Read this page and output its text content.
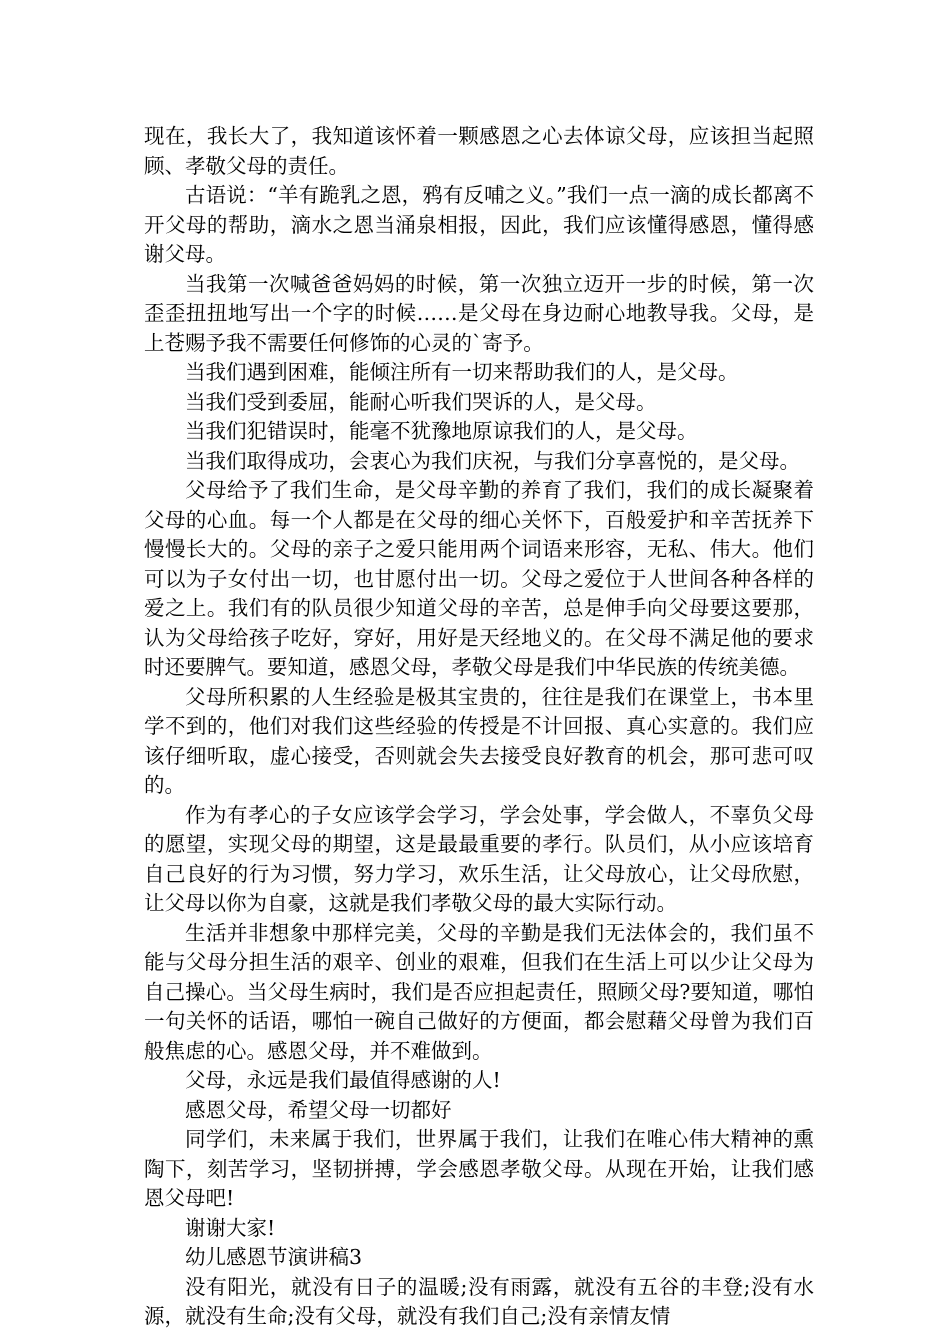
现在，我长大了，我知道该怀着一颗感恩之心去体谅父母，应该担当起照顾、孝敬父母的责任。

古语说：“羊有跪乳之恩，鸦有反哺之义。”我们一点一滴的成长都离不开父母的帮助，滴水之恩当涌泉相报，因此，我们应该懂得感恩，懂得感谢父母。

当我第一次喊爸爸妈妈的时候，第一次独立迈开一步的时候，第一次歪歪扭扭地写出一个字的时候……是父母在身边耐心地教导我。父母，是上苍赐予我不需要任何修饰的心灵的`寄予。

当我们遇到困难，能倾注所有一切来帮助我们的人，是父母。

当我们受到委屈，能耐心听我们哭诉的人，是父母。

当我们犯错误时，能毫不犹豫地原谅我们的人，是父母。

当我们取得成功，会衷心为我们庆祝，与我们分享喜悦的，是父母。

父母给予了我们生命，是父母辛勤的养育了我们，我们的成长凝聚着父母的心血。每一个人都是在父母的细心关怀下，百般爱护和辛苦抚养下慢慢长大的。父母的亲子之爱只能用两个词语来形容，无私、伟大。他们可以为子女付出一切，也甘愿付出一切。父母之爱位于人世间各种各样的爱之上。我们有的队员很少知道父母的辛苦，总是伸手向父母要这要那，认为父母给孩子吃好，穿好，用好是天经地义的。在父母不满足他的要求时还要脾气。要知道，感恩父母，孝敬父母是我们中华民族的传统美德。

父母所积累的人生经验是极其宝贵的，往往是我们在课堂上，书本里学不到的，他们对我们这些经验的传授是不计回报、真心实意的。我们应该仔细听取，虚心接受，否则就会失去接受良好教育的机会，那可悲可叹的。

作为有孝心的子女应该学会学习，学会处事，学会做人，不辜负父母的愿望，实现父母的期望，这是最最重要的孝行。队员们，从小应该培育自己良好的行为习惯，努力学习，欢乐生活，让父母放心，让父母欣慰，让父母以你为自豪，这就是我们孝敬父母的最大实际行动。

生活并非想象中那样完美，父母的辛勤是我们无法体会的，我们虽不能与父母分担生活的艰辛、创业的艰难，但我们在生活上可以少让父母为自己操心。当父母生病时，我们是否应担起责任，照顾父母?要知道，哪怕一句关怀的话语，哪怕一碗自己做好的方便面，都会慰藉父母曾为我们百般焦虑的心。感恩父母，并不难做到。

父母，永远是我们最值得感谢的人!

感恩父母，希望父母一切都好

同学们，未来属于我们，世界属于我们，让我们在唯心伟大精神的熏陶下，刻苦学习，坚韧拼搏，学会感恩孝敬父母。从现在开始，让我们感恩父母吧!

谢谢大家!

幼儿感恩节演讲稿3

没有阳光，就没有日子的温暖;没有雨露，就没有五谷的丰登;没有水源，就没有生命;没有父母，就没有我们自己;没有亲情友情
